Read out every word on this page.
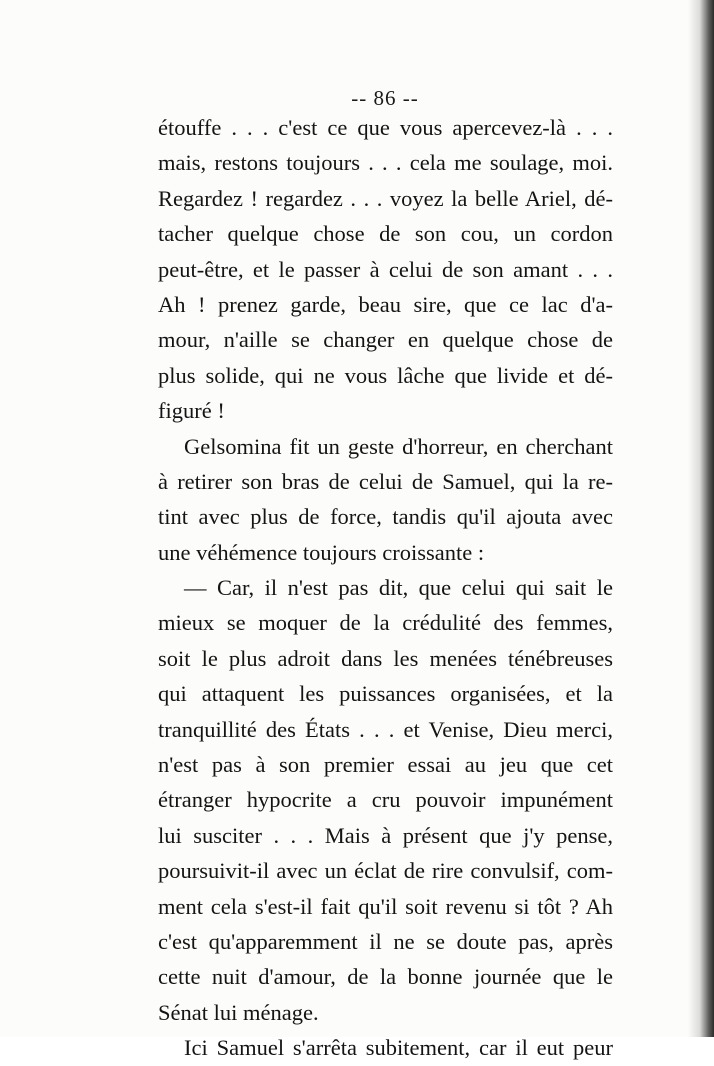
-- 86 --
étouffe . . . c'est ce que vous apercevez-là . . .
mais, restons toujours . . . cela me soulage, moi.
Regardez ! regardez . . . voyez la belle Ariel, dé-
tacher quelque chose de son cou, un cordon
peut-être, et le passer à celui de son amant . . .
Ah ! prenez garde, beau sire, que ce lac d'a-
mour, n'aille se changer en quelque chose de
plus solide, qui ne vous lâche que livide et dé-
figuré !
Gelsomina fit un geste d'horreur, en cherchant
à retirer son bras de celui de Samuel, qui la re-
tint avec plus de force, tandis qu'il ajouta avec
une véhémence toujours croissante :
— Car, il n'est pas dit, que celui qui sait le
mieux se moquer de la crédulité des femmes,
soit le plus adroit dans les menées ténébreuses
qui attaquent les puissances organisées, et la
tranquillité des États . . . et Venise, Dieu merci,
n'est pas à son premier essai au jeu que cet
étranger hypocrite a cru pouvoir impunément
lui susciter . . . Mais à présent que j'y pense,
poursuivit-il avec un éclat de rire convulsif, com-
ment cela s'est-il fait qu'il soit revenu si tôt ? Ah
c'est qu'apparemment il ne se doute pas, après
cette nuit d'amour, de la bonne journée que le
Sénat lui ménage.
Ici Samuel s'arrêta subitement, car il eut peur
